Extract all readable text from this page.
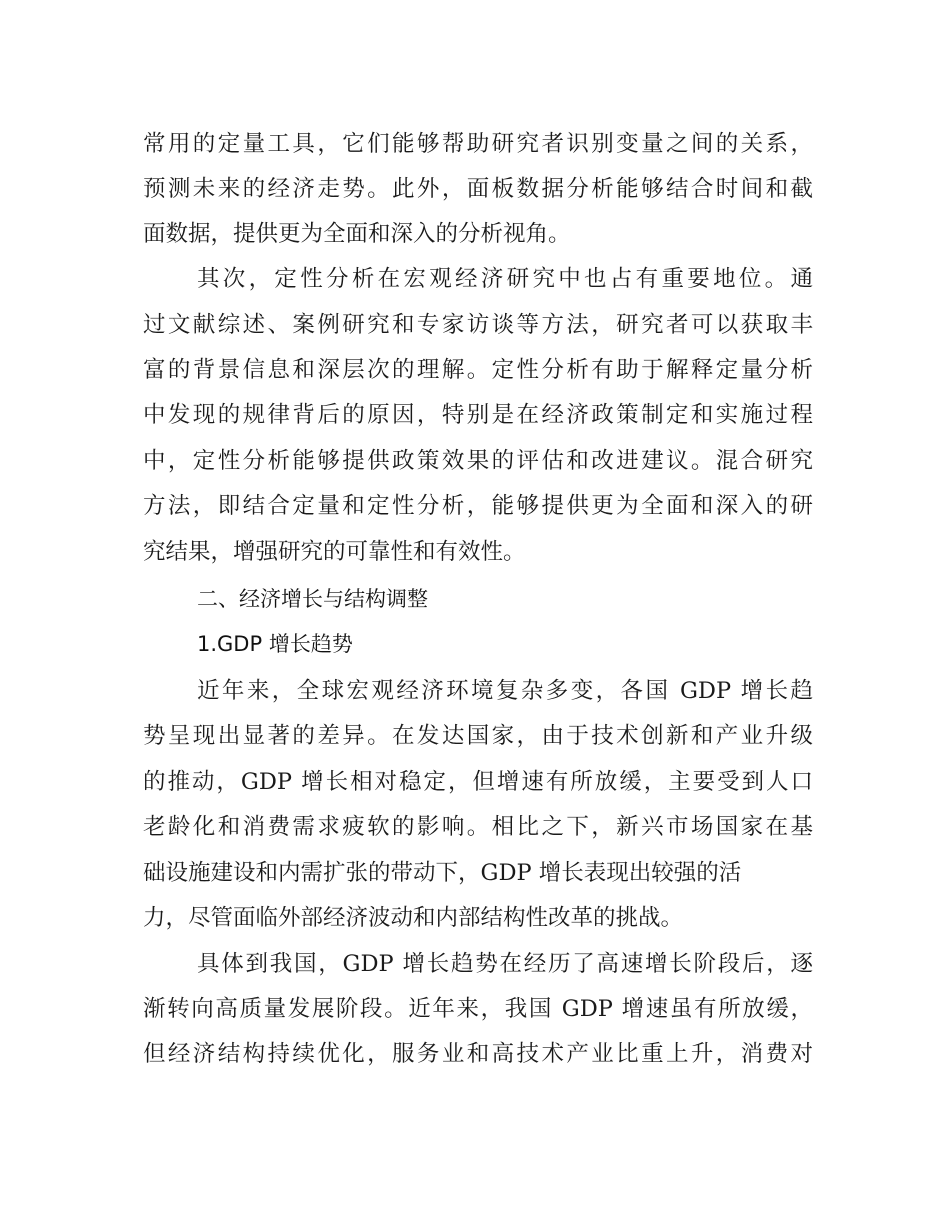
常用的定量工具，它们能够帮助研究者识别变量之间的关系，
预测未来的经济走势。此外，面板数据分析能够结合时间和截
面数据，提供更为全面和深入的分析视角。
其次，定性分析在宏观经济研究中也占有重要地位。通
过文献综述、案例研究和专家访谈等方法，研究者可以获取丰
富的背景信息和深层次的理解。定性分析有助于解释定量分析
中发现的规律背后的原因，特别是在经济政策制定和实施过程
中，定性分析能够提供政策效果的评估和改进建议。混合研究
方法，即结合定量和定性分析，能够提供更为全面和深入的研
究结果，增强研究的可靠性和有效性。
二、经济增长与结构调整
1.GDP 增长趋势
近年来，全球宏观经济环境复杂多变，各国 GDP 增长趋
势呈现出显著的差异。在发达国家，由于技术创新和产业升级
的推动，GDP 增长相对稳定，但增速有所放缓，主要受到人口
老龄化和消费需求疲软的影响。相比之下，新兴市场国家在基
础设施建设和内需扩张的带动下，GDP 增长表现出较强的活
力，尽管面临外部经济波动和内部结构性改革的挑战。
具体到我国，GDP 增长趋势在经历了高速增长阶段后，逐
渐转向高质量发展阶段。近年来，我国 GDP 增速虽有所放缓，
但经济结构持续优化，服务业和高技术产业比重上升，消费对
